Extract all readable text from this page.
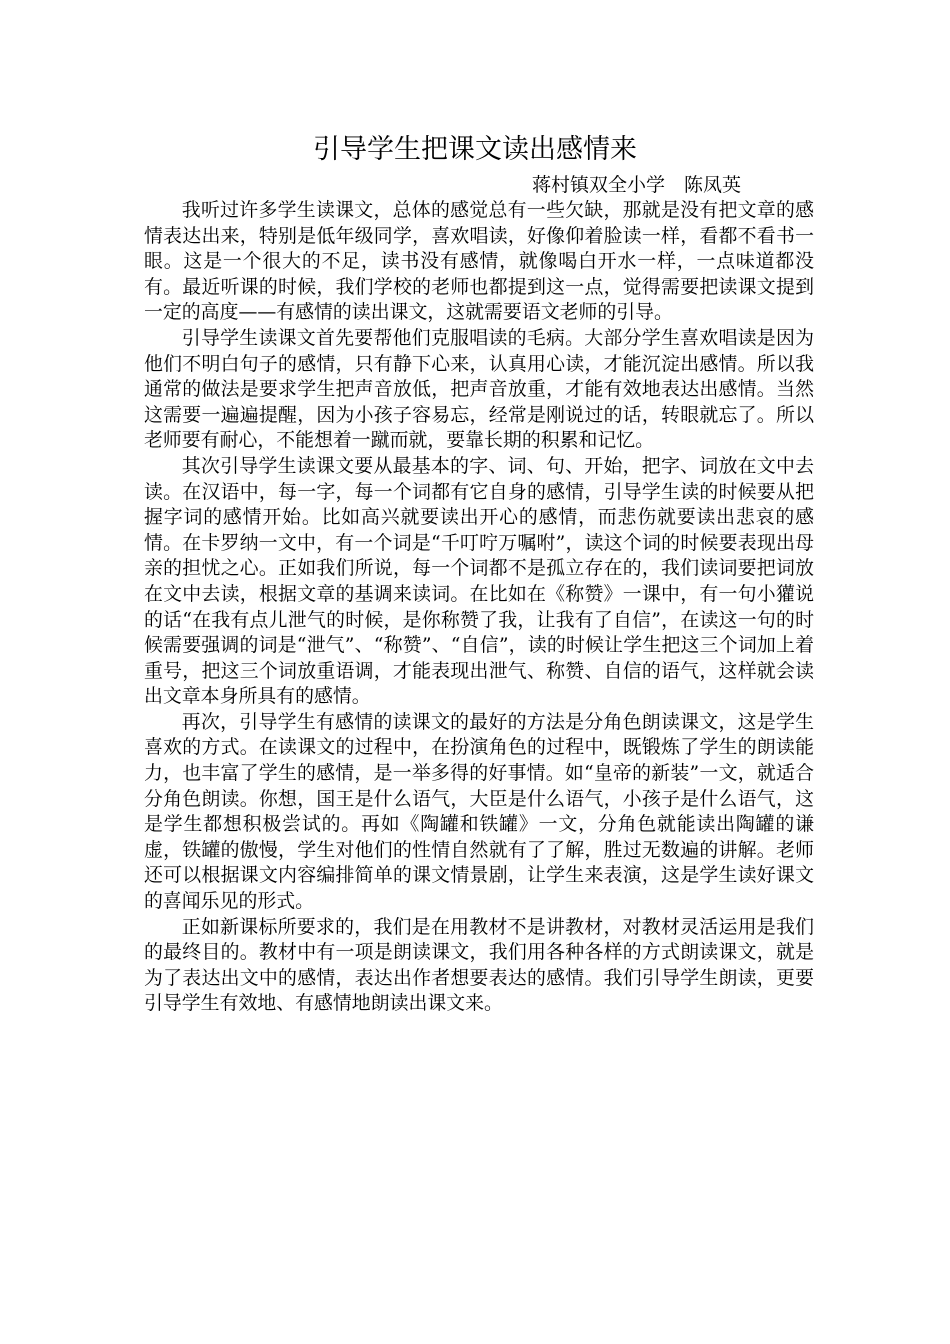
引导学生把课文读出感情来
蒋村镇双全小学　陈凤英

我听过许多学生读课文，总体的感觉总有一些欠缺，那就是没有把文章的感情表达出来，特别是低年级同学，喜欢唱读，好像仰着脸读一样，看都不看书一眼。这是一个很大的不足，读书没有感情，就像喝白开水一样，一点味道都没有。最近听课的时候，我们学校的老师也都提到这一点，觉得需要把读课文提到一定的高度——有感情的读出课文，这就需要语文老师的引导。

引导学生读课文首先要帮他们克服唱读的毛病。大部分学生喜欢唱读是因为他们不明白句子的感情，只有静下心来，认真用心读，才能沉淀出感情。所以我通常的做法是要求学生把声音放低，把声音放重，才能有效地表达出感情。当然这需要一遍遍提醒，因为小孩子容易忘，经常是刚说过的话，转眼就忘了。所以老师要有耐心，不能想着一蹴而就，要靠长期的积累和记忆。

其次引导学生读课文要从最基本的字、词、句、开始，把字、词放在文中去读。在汉语中，每一字，每一个词都有它自身的感情，引导学生读的时候要从把握字词的感情开始。比如高兴就要读出开心的感情，而悲伤就要读出悲哀的感情。在卡罗纳一文中，有一个词是“千叮咛万嘱咐”，读这个词的时候要表现出母亲的担忧之心。正如我们所说，每一个词都不是孤立存在的，我们读词要把词放在文中去读，根据文章的基调来读词。在比如在《称赞》一课中，有一句小獾说的话“在我有点儿泄气的时候，是你称赞了我，让我有了自信”，在读这一句的时候需要强调的词是“泄气”、“称赞”、“自信”，读的时候让学生把这三个词加上着重号，把这三个词放重语调，才能表现出泄气、称赞、自信的语气，这样就会读出文章本身所具有的感情。

再次，引导学生有感情的读课文的最好的方法是分角色朗读课文，这是学生喜欢的方式。在读课文的过程中，在扮演角色的过程中，既锻炼了学生的朗读能力，也丰富了学生的感情，是一举多得的好事情。如“皇帝的新装”一文，就适合分角色朗读。你想，国王是什么语气，大臣是什么语气，小孩子是什么语气，这是学生都想积极尝试的。再如《陶罐和铁罐》一文，分角色就能读出陶罐的谦虚，铁罐的傲慢，学生对他们的性情自然就有了了解，胜过无数遍的讲解。老师还可以根据课文内容编排简单的课文情景剧，让学生来表演，这是学生读好课文的喜闻乐见的形式。

正如新课标所要求的，我们是在用教材不是讲教材，对教材灵活运用是我们的最终目的。教材中有一项是朗读课文，我们用各种各样的方式朗读课文，就是为了表达出文中的感情，表达出作者想要表达的感情。我们引导学生朗读，更要引导学生有效地、有感情地朗读出课文来。
